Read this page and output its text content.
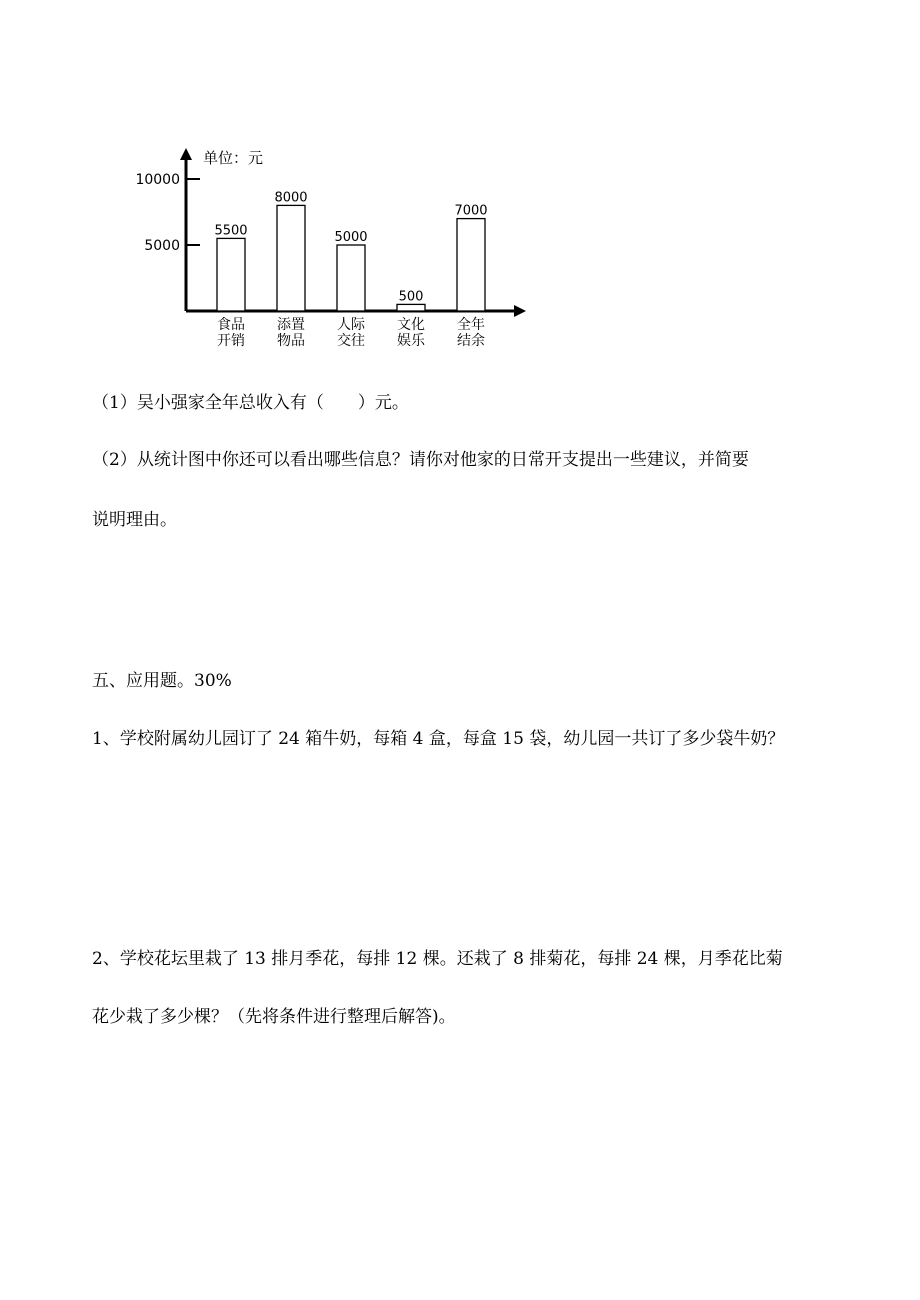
单位：元
5000
10000
5500
食品
开销
8000
添置
物品
5000
人际
交往
500
文化
娱乐
7000
全年
结余

（1）吴小强家全年总收入有（　　）元。

（2）从统计图中你还可以看出哪些信息？请你对他家的日常开支提出一些建议，并简要

说明理由。

五、应用题。30%

1、学校附属幼儿园订了 24 箱牛奶，每箱 4 盒，每盒 15 袋，幼儿园一共订了多少袋牛奶？

2、学校花坛里栽了 13 排月季花，每排 12 棵。还栽了 8 排菊花，每排 24 棵，月季花比菊

花少栽了多少棵？（先将条件进行整理后解答)。
